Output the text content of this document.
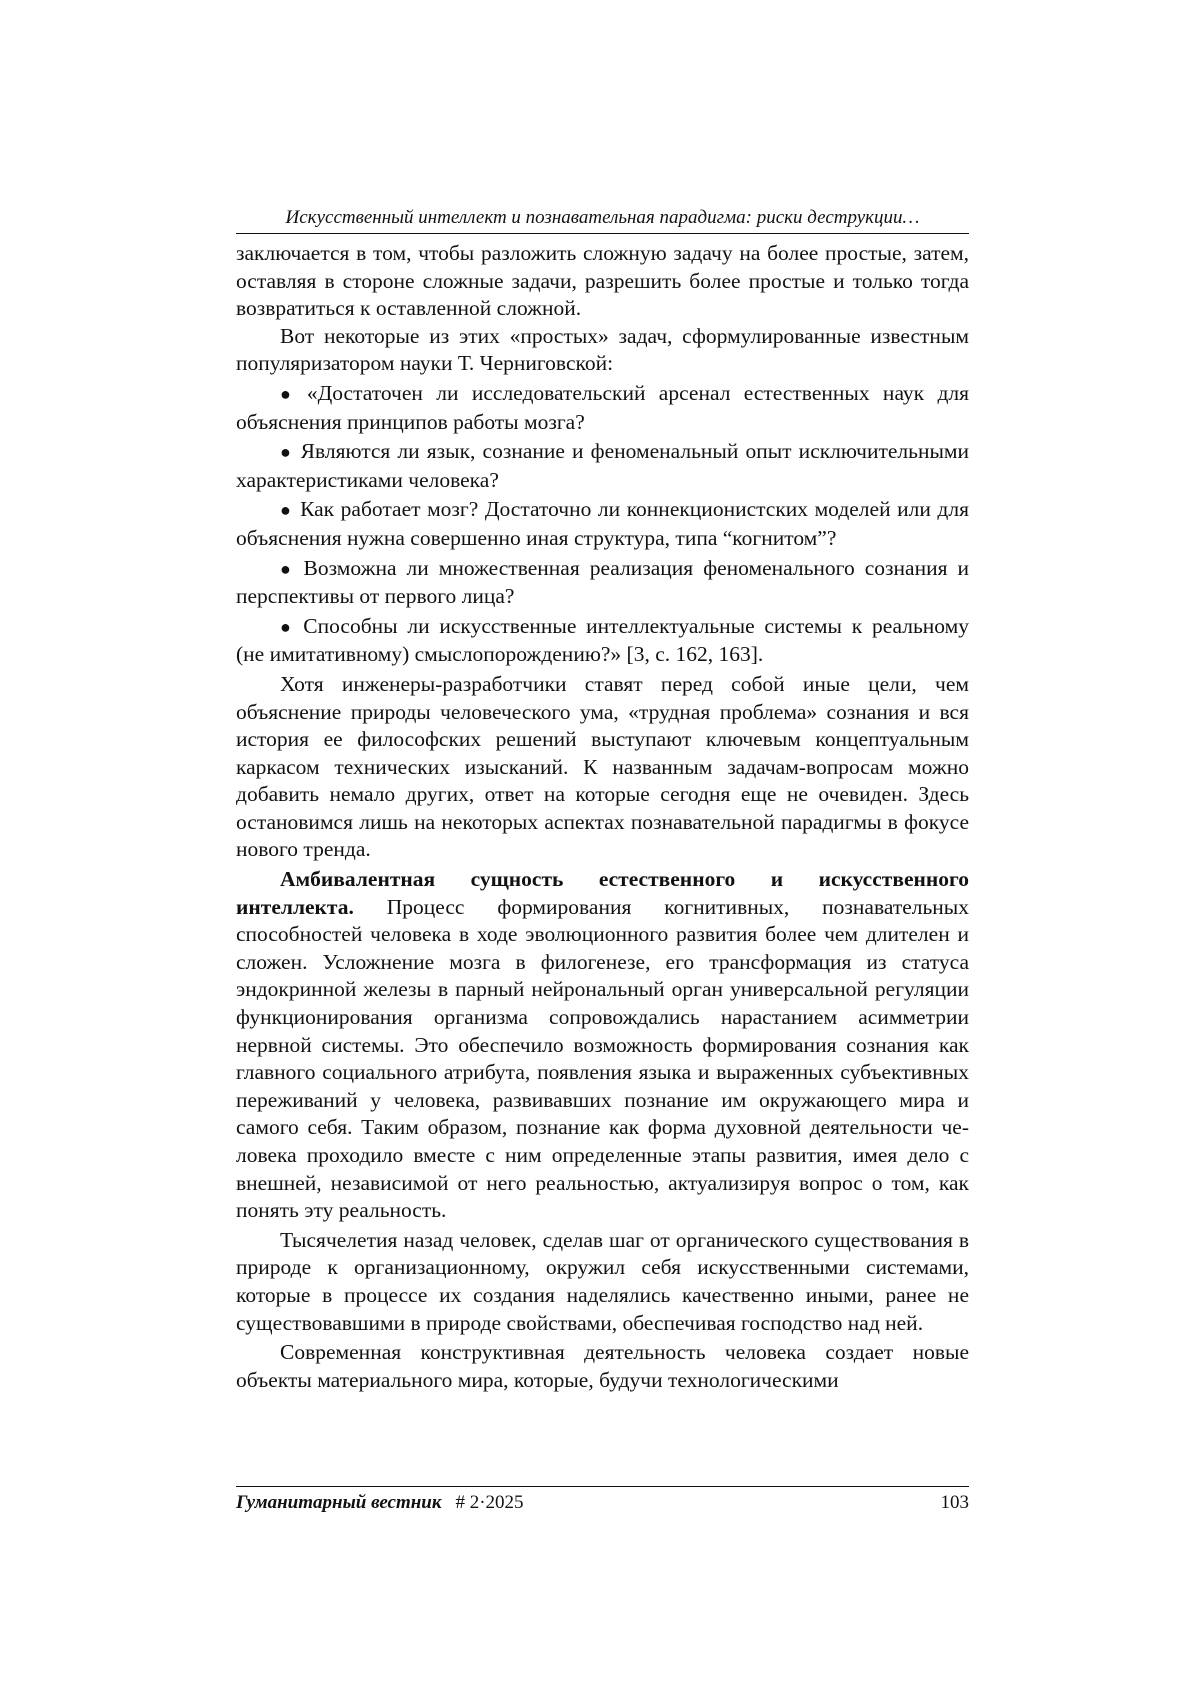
Искусственный интеллект и познавательная парадигма: риски деструкции…

заключается в том, чтобы разложить сложную задачу на более простые, затем, оставляя в стороне сложные задачи, разрешить более простые и только тогда возвратиться к оставленной сложной.

Вот некоторые из этих «простых» задач, сформулированные известным популяризатором науки Т. Черниговской:

● «Достаточен ли исследовательский арсенал естественных наук для объяснения принципов работы мозга?

● Являются ли язык, сознание и феноменальный опыт исключительными характеристиками человека?

● Как работает мозг? Достаточно ли коннекционистских моделей или для объяснения нужна совершенно иная структура, типа “когнитом”?

● Возможна ли множественная реализация феноменального сознания и перспективы от первого лица?

● Способны ли искусственные интеллектуальные системы к реальному (не имитативному) смыслопорождению?» [3, с. 162, 163].

Хотя инженеры-разработчики ставят перед собой иные цели, чем объяснение природы человеческого ума, «трудная проблема» сознания и вся история ее философских решений выступают ключевым концептуальным каркасом технических изысканий. К названным задачам-вопросам можно добавить немало других, ответ на которые сегодня еще не очевиден. Здесь остановимся лишь на некоторых аспектах познавательной парадигмы в фокусе нового тренда.

Амбивалентная сущность естественного и искусственного интеллекта. Процесс формирования когнитивных, познавательных способностей человека в ходе эволюционного развития более чем длителен и сложен. Усложнение мозга в филогенезе, его трансформация из статуса эндокринной железы в парный нейрональный орган универсальной регуляции функционирования организма сопровождались нарастанием асимметрии нервной системы. Это обеспечило возможность формирования сознания как главного социального атрибута, появления языка и выраженных субъективных переживаний у человека, развивавших познание им окружающего мира и самого себя. Таким образом, познание как форма духовной деятельности человека проходило вместе с ним определенные этапы развития, имея дело с внешней, независимой от него реальностью, актуализируя вопрос о том, как понять эту реальность.

Тысячелетия назад человек, сделав шаг от органического существования в природе к организационному, окружил себя искусственными системами, которые в процессе их создания наделялись качественно иными, ранее не существовавшими в природе свойствами, обеспечивая господство над ней.

Современная конструктивная деятельность человека создает новые объекты материального мира, которые, будучи технологическими

Гуманитарный вестник # 2·2025	103
